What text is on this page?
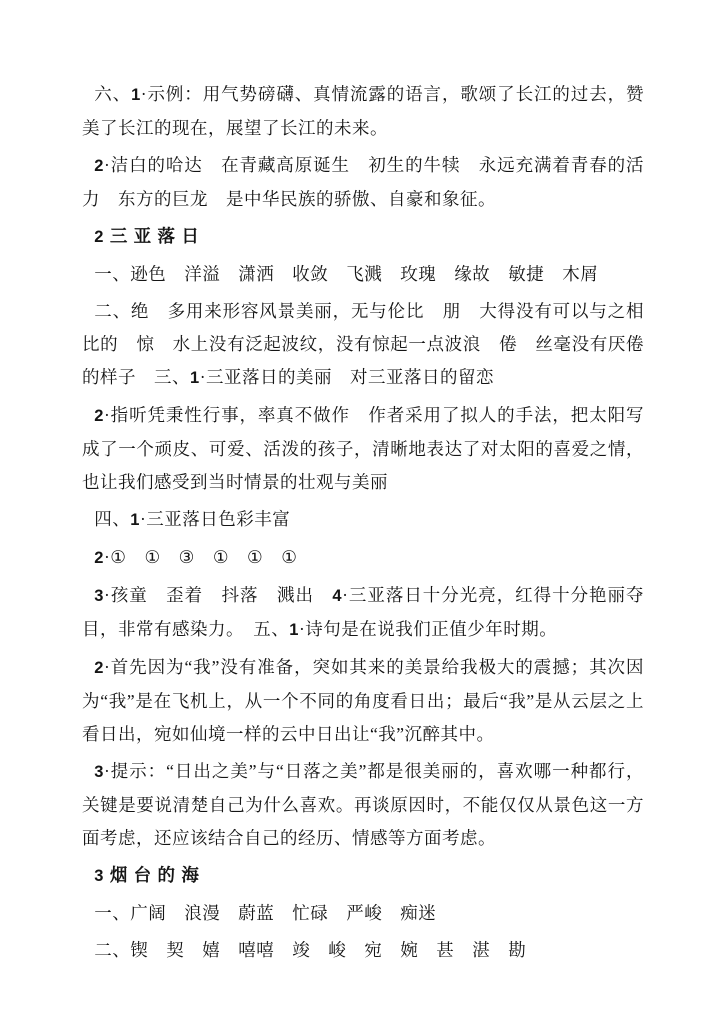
六、1·示例：用气势磅礴、真情流露的语言，歌颂了长江的过去，赞美了长江的现在，展望了长江的未来。

2·洁白的哈达　在青藏高原诞生　初生的牛犊　永远充满着青春的活力　东方的巨龙　是中华民族的骄傲、自豪和象征。

2 三 亚 落 日

一、逊色　洋溢　潇洒　收敛　飞溅　玫瑰　缘故　敏捷　木屑

二、绝　多用来形容风景美丽，无与伦比　朋　大得没有可以与之相比的　惊　水上没有泛起波纹，没有惊起一点波浪　倦　丝毫没有厌倦的样子　三、1·三亚落日的美丽　对三亚落日的留恋

2·指听凭秉性行事，率真不做作　作者采用了拟人的手法，把太阳写成了一个顽皮、可爱、活泼的孩子，清晰地表达了对太阳的喜爱之情，也让我们感受到当时情景的壮观与美丽

四、1·三亚落日色彩丰富

2·①　①　③　①　①　①

3·孩童　歪着　抖落　溅出　4·三亚落日十分光亮，红得十分艳丽夺目，非常有感染力。　五、1·诗句是在说我们正值少年时期。

2·首先因为“我”没有准备，突如其来的美景给我极大的震撼；其次因为“我”是在飞机上，从一个不同的角度看日出；最后“我”是从云层之上看日出，宛如仙境一样的云中日出让“我”沉醉其中。

3·提示：“日出之美”与“日落之美”都是很美丽的，喜欢哪一种都行，关键是要说清楚自己为什么喜欢。再谈原因时，不能仅仅从景色这一方面考虑，还应该结合自己的经历、情感等方面考虑。

3 烟 台 的 海

一、广阔　浪漫　蔚蓝　忙碌　严峻　痴迷

二、锲　契　嬉　嘻嘻　竣　峻　宛　婉　甚　湛　勘
